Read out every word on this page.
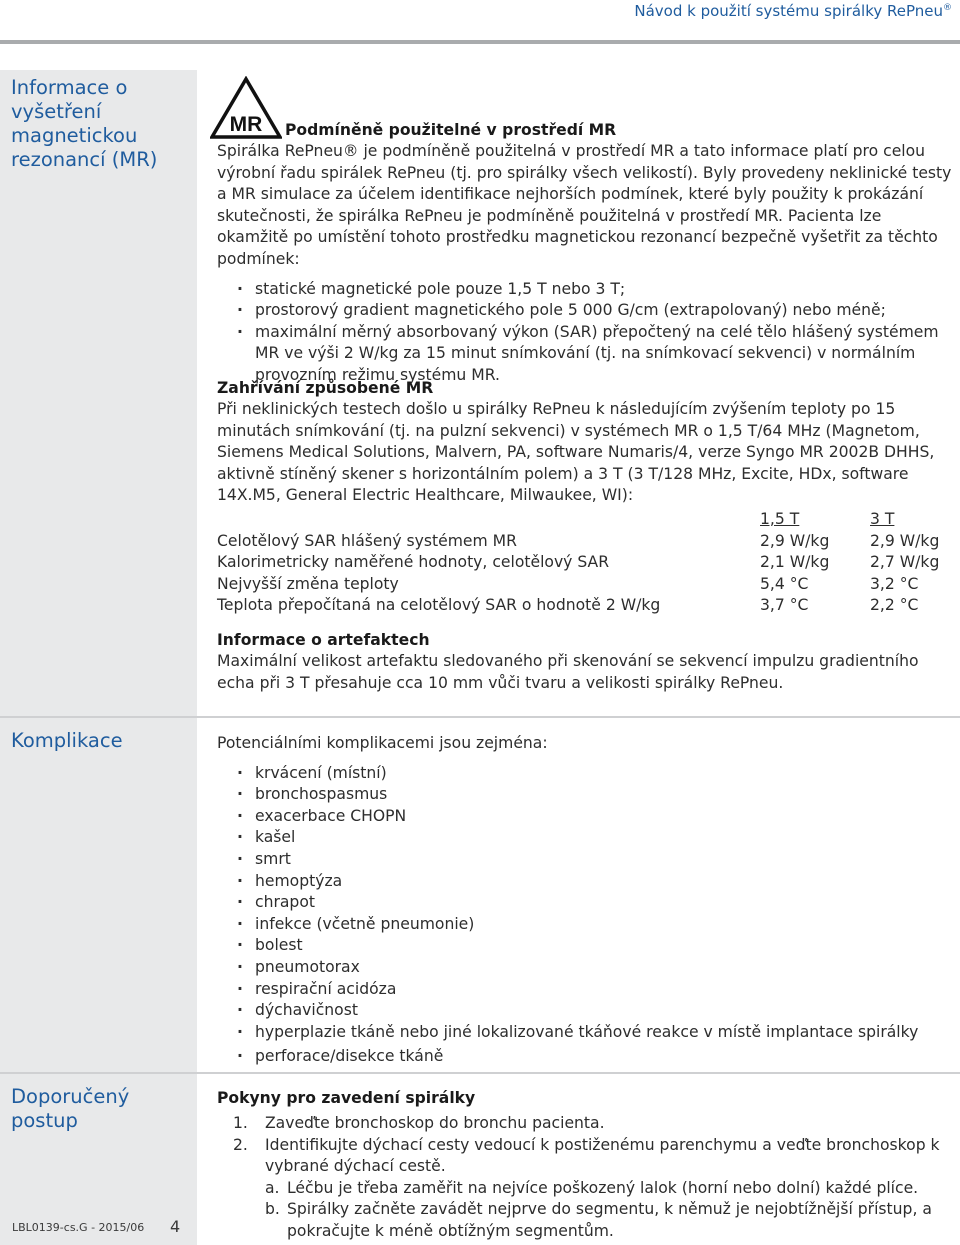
Návod k použití systému spirálky RePneu®
Informace o vyšetření magnetickou rezonancí (MR)
Komplikace
Doporučený postup
LBL0139-cs.G - 2015/06 4
MR	Podmíněně použitelné v prostředí MR

Spirálka RePneu® je podmíněně použitelná v prostředí MR a tato informace platí pro celou výrobní řadu spirálek RePneu (tj. pro spirálky všech velikostí). Byly provedeny neklinické testy a MR simulace za účelem identifikace nejhorších podmínek, které byly použity k prokázání skutečnosti, že spirálka RePneu je podmíněně použitelná v prostředí MR. Pacienta lze okamžitě po umístění tohoto prostředku magnetickou rezonancí bezpečně vyšetřit za těchto podmínek:

· statické magnetické pole pouze 1,5 T nebo 3 T;
· prostorový gradient magnetického pole 5 000 G/cm (extrapolovaný) nebo méně;
· maximální měrný absorbovaný výkon (SAR) přepočtený na celé tělo hlášený systémem MR ve výši 2 W/kg za 15 minut snímkování (tj. na snímkovací sekvenci) v normálním provozním režimu systému MR.
Zahřívání způsobené MR

Při neklinických testech došlo u spirálky RePneu k následujícím zvýšením teploty po 15 minutách snímkování (tj. na pulzní sekvenci) v systémech MR o 1,5 T/64 MHz (Magnetom, Siemens Medical Solutions, Malvern, PA, software Numaris/4, verze Syngo MR 2002B DHHS, aktivně stíněný skener s horizontálním polem) a 3 T (3 T/128 MHz, Excite, HDx, software 14X.M5, General Electric Healthcare, Milwaukee, WI):

	1,5 T	3 T
Celotělový SAR hlášený systémem MR	2,9 W/kg	2,9 W/kg
Kalorimetricky naměřené hodnoty, celotělový SAR	2,1 W/kg	2,7 W/kg
Nejvyšší změna teploty	5,4 °C	3,2 °C
Teplota přepočítaná na celotělový SAR o hodnotě 2 W/kg	3,7 °C	2,2 °C
Informace o artefaktech

Maximální velikost artefaktu sledovaného při skenování se sekvencí impulzu gradientního echa při 3 T přesahuje cca 10 mm vůči tvaru a velikosti spirálky RePneu.

Potenciálními komplikacemi jsou zejména:

· krvácení (místní)
· bronchospasmus
· exacerbace CHOPN
· kašel
· smrt
· hemoptýza
· chrapot
· infekce (včetně pneumonie)
· bolest
· pneumotorax
· respirační acidóza
· dýchavičnost
· hyperplazie tkáně nebo jiné lokalizované tkáňové reakce v místě implantace spirálky
· perforace/disekce tkáně
Pokyny pro zavedení spirálky
1. Zaveďte bronchoskop do bronchu pacienta.
2. Identifikujte dýchací cesty vedoucí k postiženému parenchymu a veďte bronchoskop k vybrané dýchací cestě.
a. Léčbu je třeba zaměřit na nejvíce poškozený lalok (horní nebo dolní) každé plíce.
b. Spirálky začněte zavádět nejprve do segmentu, k němuž je nejobtížnější přístup, a pokračujte k méně obtížným segmentům.
